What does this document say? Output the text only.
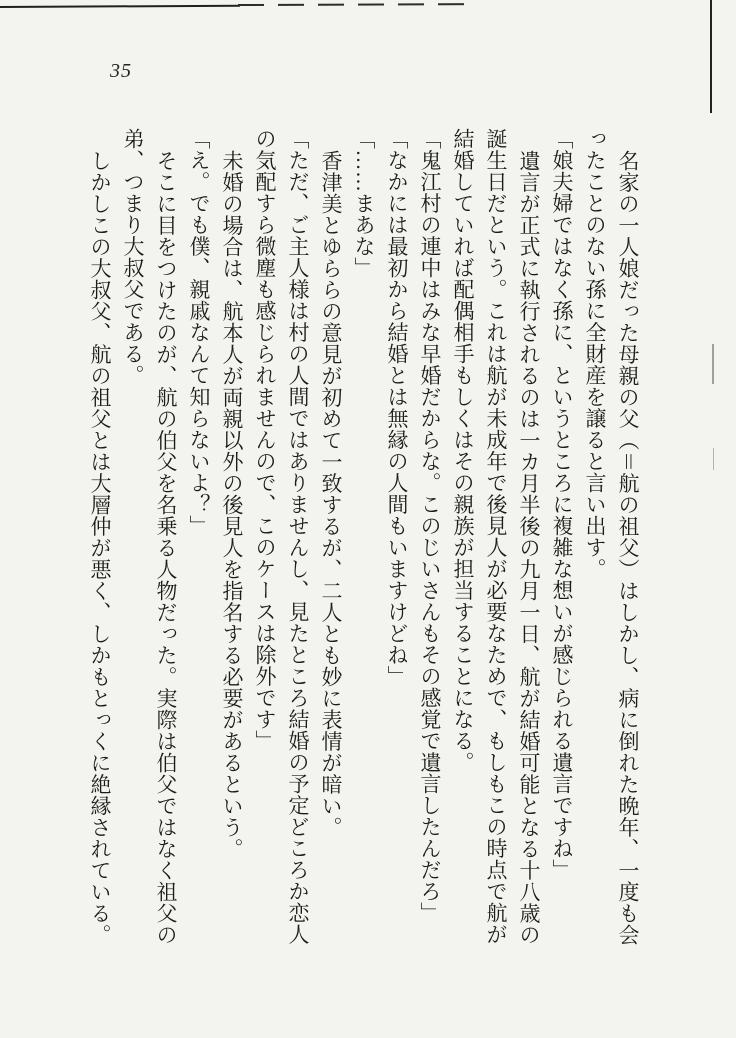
35

名家の一人娘だった母親の父（＝航の祖父）はしかし、病に倒れた晩年、一度も会

ったことのない孫に全財産を譲ると言い出す。

「娘夫婦ではなく孫に、というところに複雑な想いが感じられる遺言ですね」

遺言が正式に執行されるのは一カ月半後の九月一日、航が結婚可能となる十八歳の

誕生日だという。これは航が未成年で後見人が必要なためで、もしもこの時点で航が

結婚していれば配偶相手もしくはその親族が担当することになる。

「鬼江村の連中はみな早婚だからな。このじいさんもその感覚で遺言したんだろ」

「なかには最初から結婚とは無縁の人間もいますけどね」

「……まあな」

香津美とゆららの意見が初めて一致するが、二人とも妙に表情が暗い。

「ただ、ご主人様は村の人間ではありませんし、見たところ結婚の予定どころか恋人

の気配すら微塵も感じられませんので、このケースは除外です」

未婚の場合は、航本人が両親以外の後見人を指名する必要があるという。

「え。でも僕、親戚なんて知らないよ？」

そこに目をつけたのが、航の伯父を名乗る人物だった。実際は伯父ではなく祖父の

弟、つまり大叔父である。

しかしこの大叔父、航の祖父とは大層仲が悪く、しかもとっくに絶縁されている。
